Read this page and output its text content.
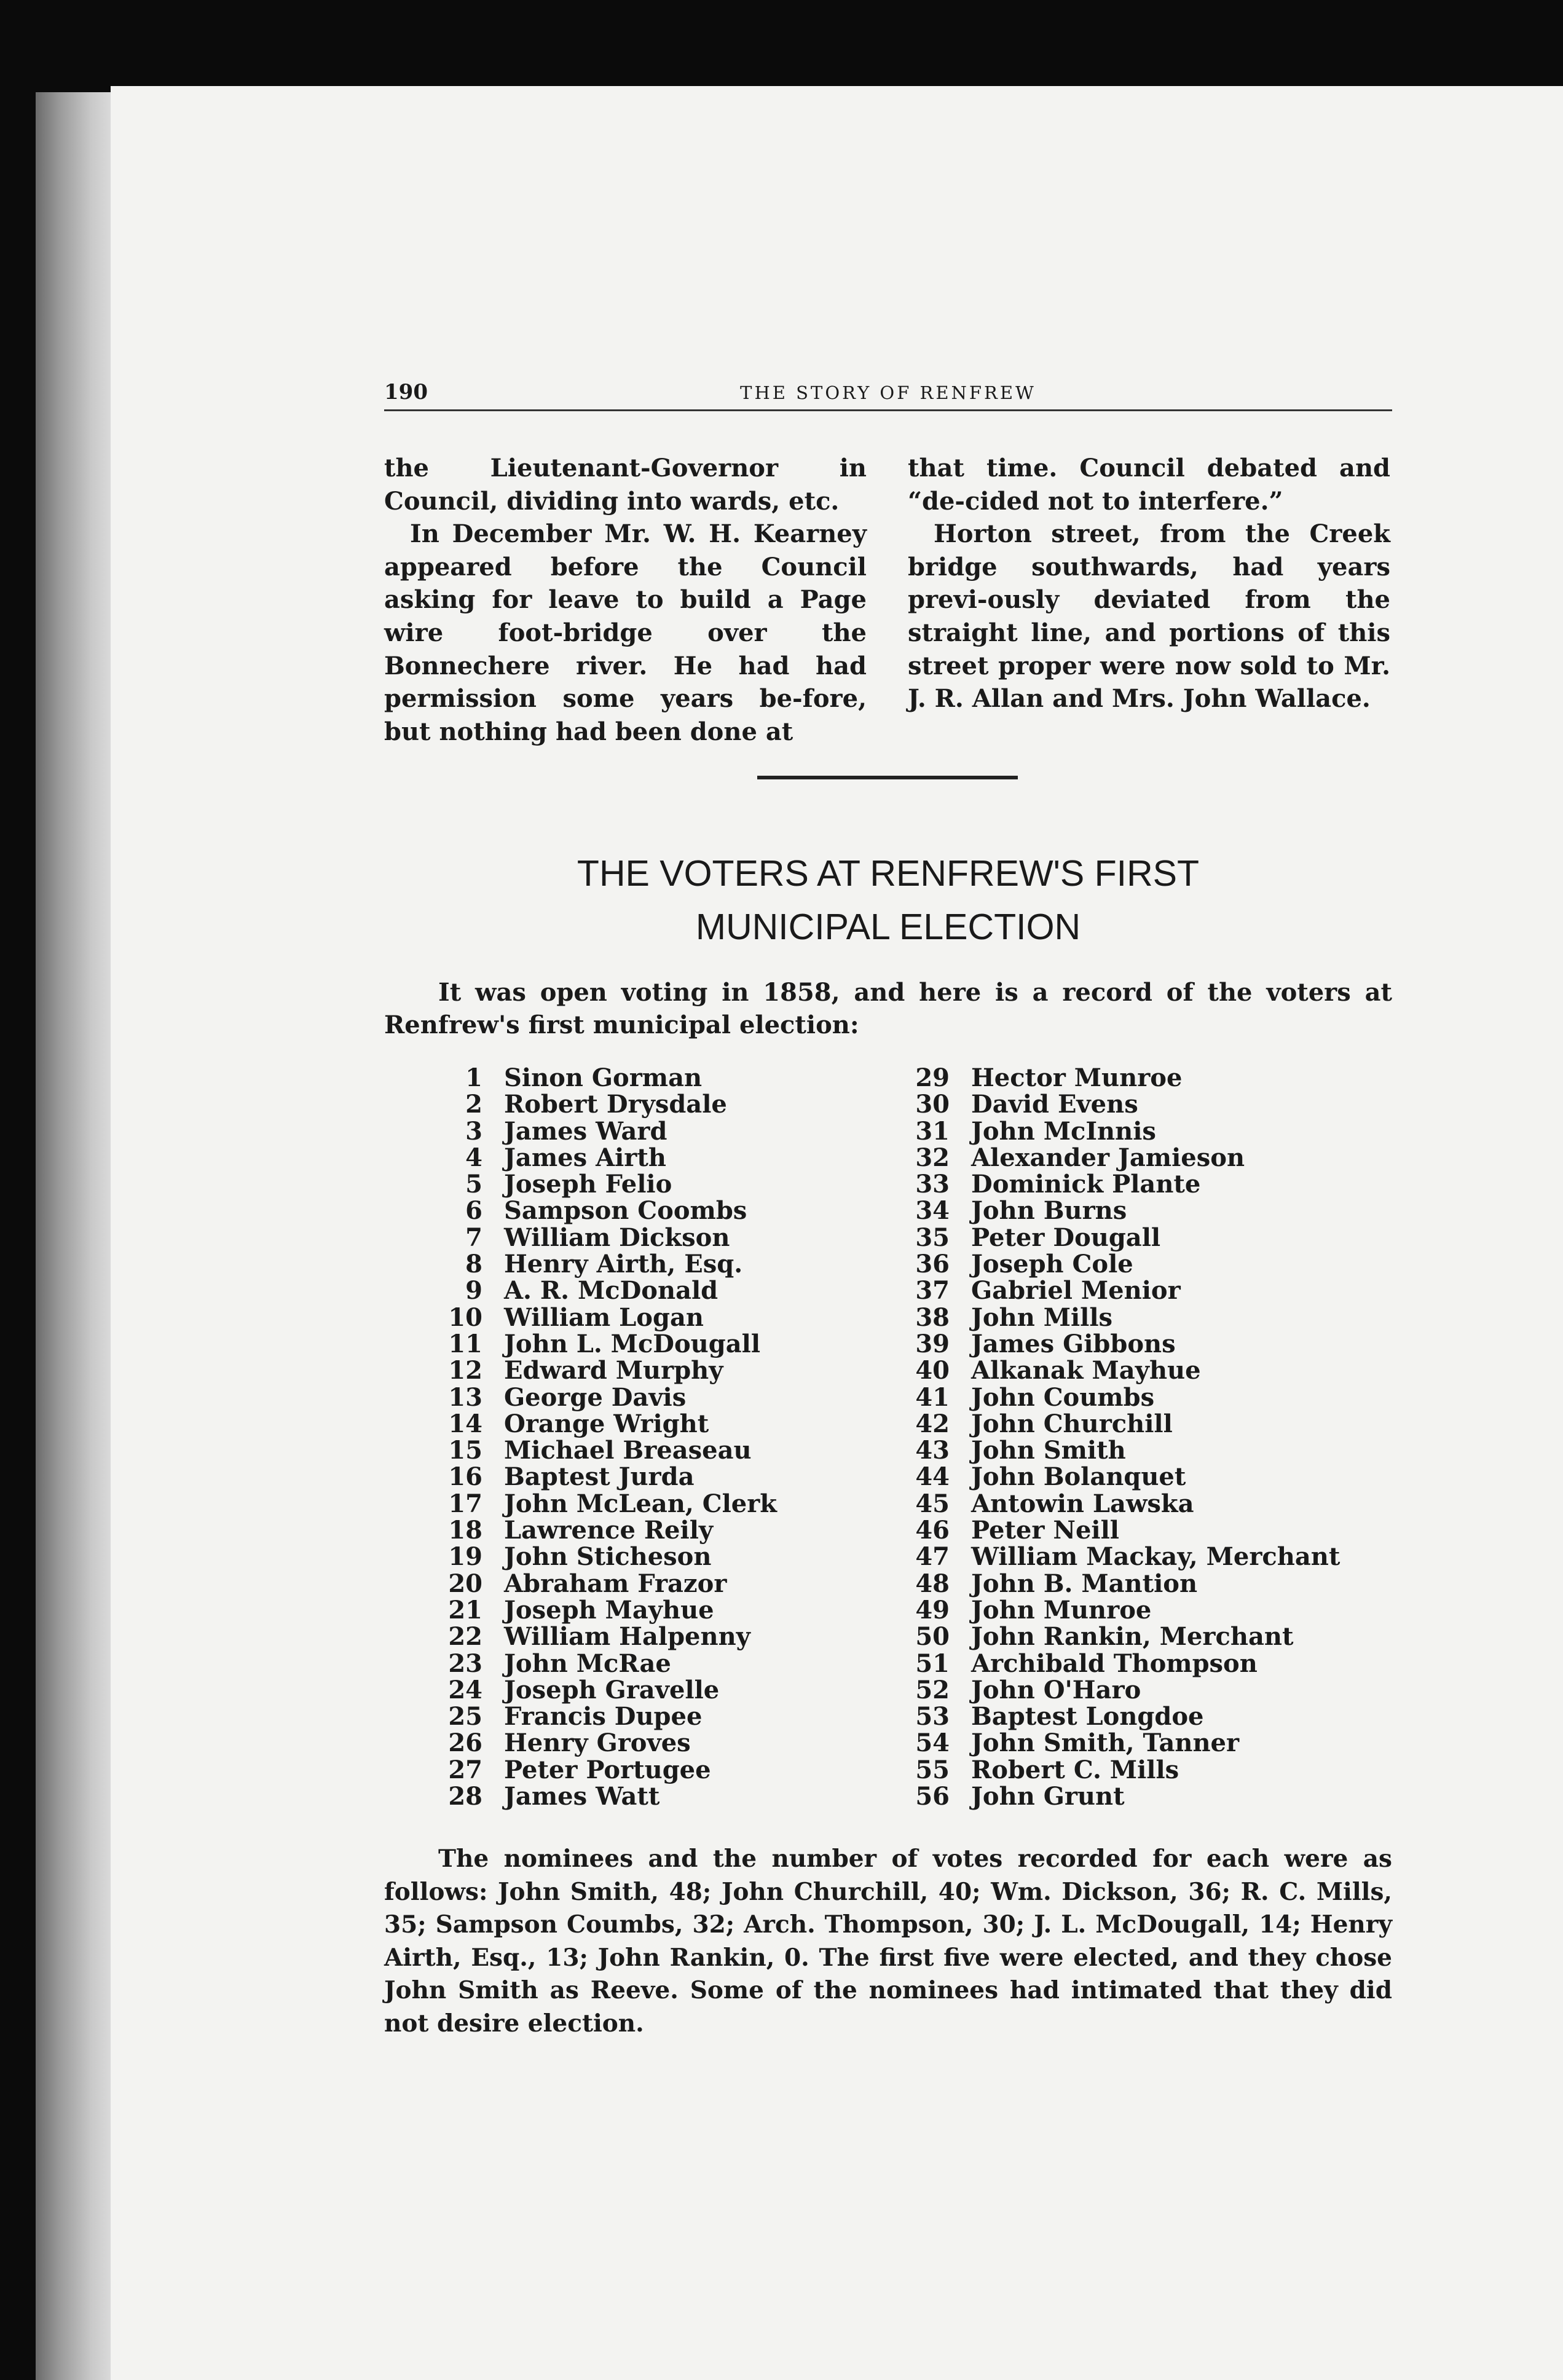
190	THE STORY OF RENFREW

the Lieutenant-Governor in Council, dividing into wards, etc.

In December Mr. W. H. Kearney appeared before the Council asking for leave to build a Page wire foot-bridge over the Bonnechere river. He had had permission some years be-fore, but nothing had been done at

that time. Council debated and “de-cided not to interfere.”

Horton street, from the Creek bridge southwards, had years previ-ously deviated from the straight line, and portions of this street proper were now sold to Mr. J. R. Allan and Mrs. John Wallace.

THE VOTERS AT RENFREW'S FIRST
MUNICIPAL ELECTION
It was open voting in 1858, and here is a record of the voters at Renfrew's first municipal election:
1 Sinon Gorman
2 Robert Drysdale
3 James Ward
4 James Airth
5 Joseph Felio
6 Sampson Coombs
7 William Dickson
8 Henry Airth, Esq.
9 A. R. McDonald
10 William Logan
11 John L. McDougall
12 Edward Murphy
13 George Davis
14 Orange Wright
15 Michael Breaseau
16 Baptest Jurda
17 John McLean, Clerk
18 Lawrence Reily
19 John Sticheson
20 Abraham Frazor
21 Joseph Mayhue
22 William Halpenny
23 John McRae
24 Joseph Gravelle
25 Francis Dupee
26 Henry Groves
27 Peter Portugee
28 James Watt
29 Hector Munroe
30 David Evens
31 John McInnis
32 Alexander Jamieson
33 Dominick Plante
34 John Burns
35 Peter Dougall
36 Joseph Cole
37 Gabriel Menior
38 John Mills
39 James Gibbons
40 Alkanak Mayhue
41 John Coumbs
42 John Churchill
43 John Smith
44 John Bolanquet
45 Antowin Lawska
46 Peter Neill
47 William Mackay, Merchant
48 John B. Mantion
49 John Munroe
50 John Rankin, Merchant
51 Archibald Thompson
52 John O'Haro
53 Baptest Longdoe
54 John Smith, Tanner
55 Robert C. Mills
56 John Grunt
The nominees and the number of votes recorded for each were as follows: John Smith, 48; John Churchill, 40; Wm. Dickson, 36; R. C. Mills, 35; Sampson Coumbs, 32; Arch. Thompson, 30; J. L. McDougall, 14; Henry Airth, Esq., 13; John Rankin, 0. The first five were elected, and they chose John Smith as Reeve. Some of the nominees had intimated that they did not desire election.
